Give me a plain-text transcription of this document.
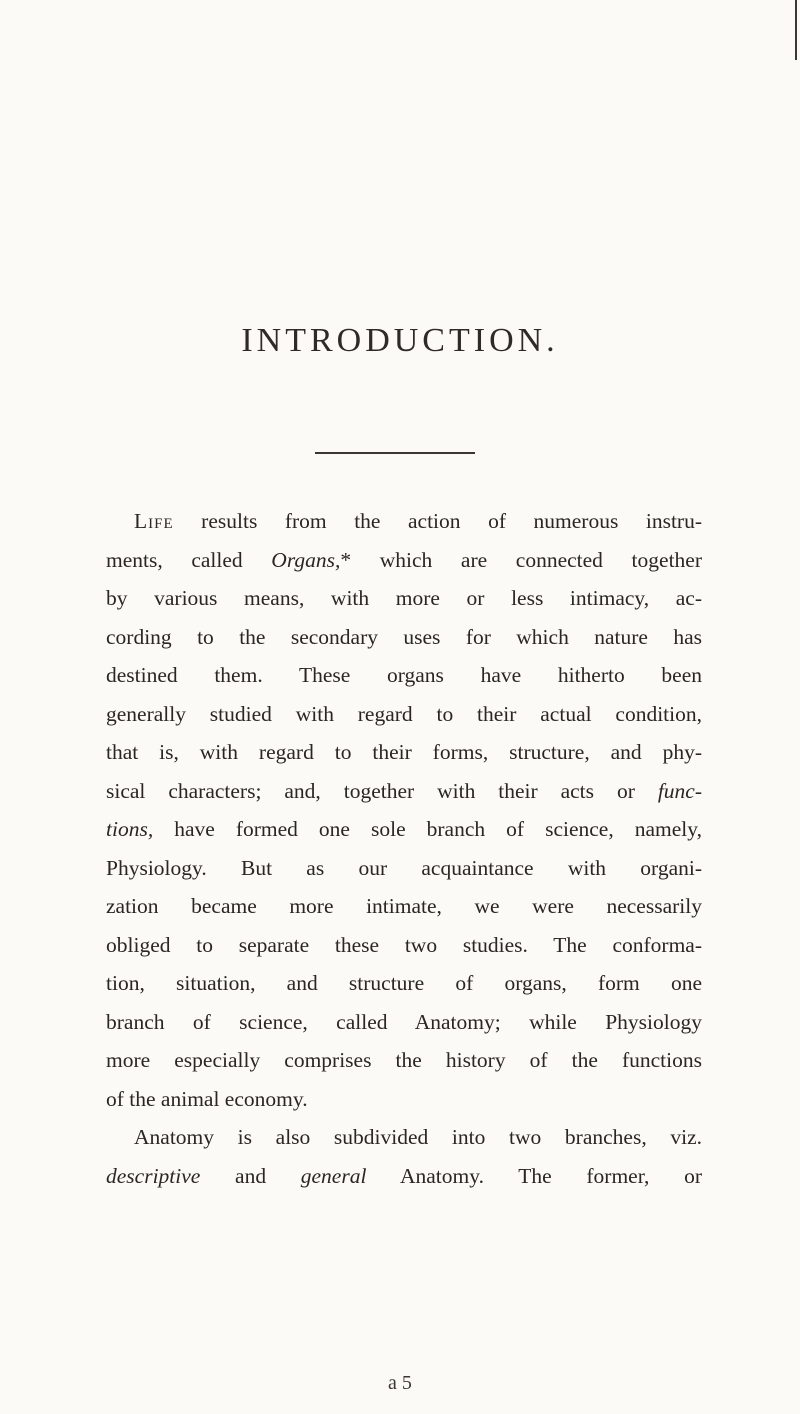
INTRODUCTION.
Life results from the action of numerous instru-
ments, called Organs,* which are connected together
by various means, with more or less intimacy, ac-
cording to the secondary uses for which nature has
destined them. These organs have hitherto been
generally studied with regard to their actual condition,
that is, with regard to their forms, structure, and phy-
sical characters; and, together with their acts or func-
tions, have formed one sole branch of science, namely,
Physiology. But as our acquaintance with organi-
zation became more intimate, we were necessarily
obliged to separate these two studies. The conforma-
tion, situation, and structure of organs, form one
branch of science, called Anatomy; while Physiology
more especially comprises the history of the functions
of the animal economy.
Anatomy is also subdivided into two branches, viz.
descriptive and general Anatomy. The former, or
a 5
